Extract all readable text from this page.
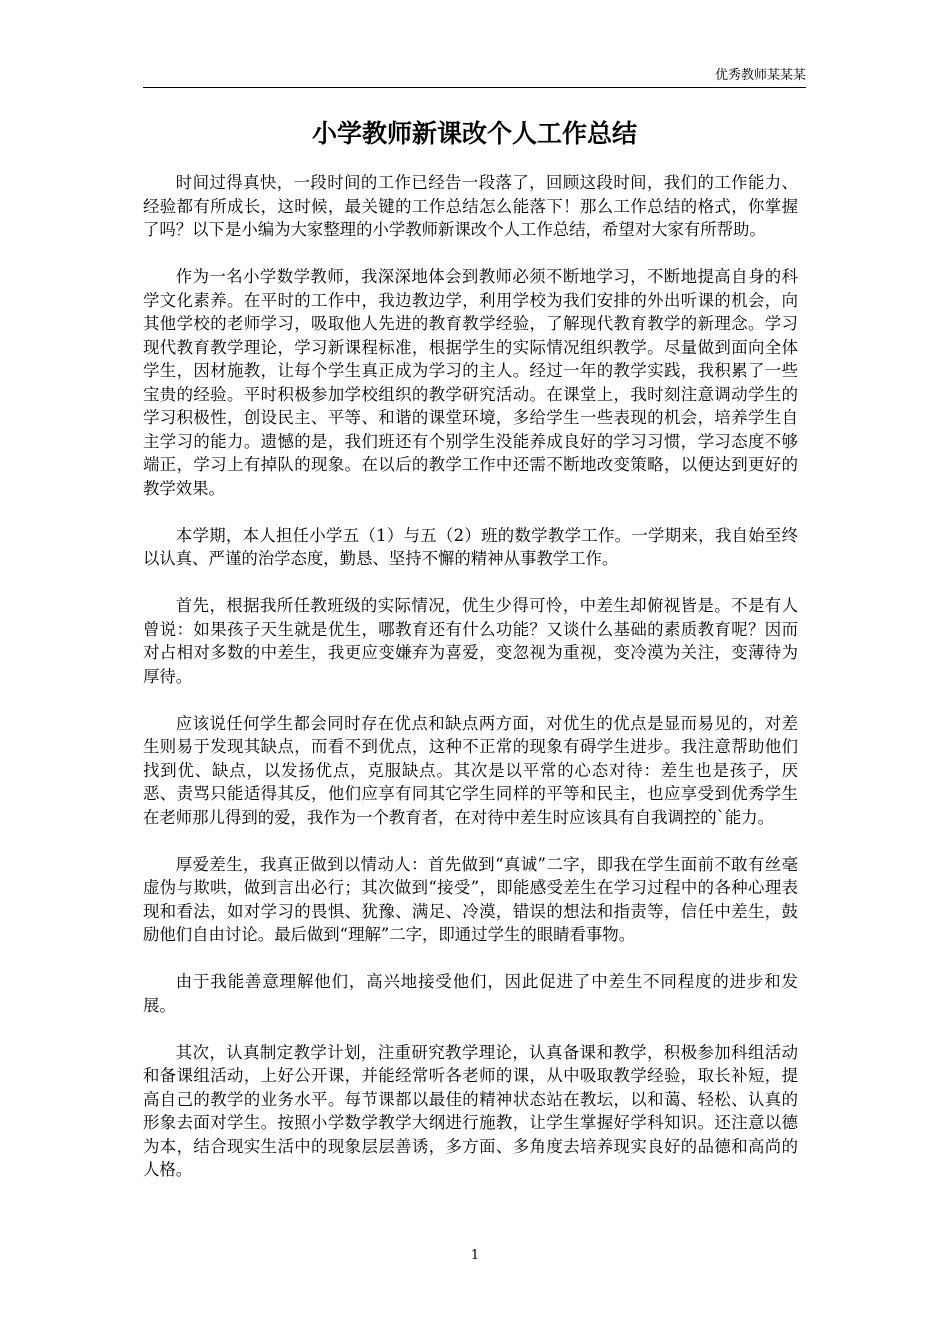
优秀教师某某某
小学教师新课改个人工作总结

时间过得真快，一段时间的工作已经告一段落了，回顾这段时间，我们的工作能力、经验都有所成长，这时候，最关键的工作总结怎么能落下！那么工作总结的格式，你掌握了吗？以下是小编为大家整理的小学教师新课改个人工作总结，希望对大家有所帮助。

作为一名小学数学教师，我深深地体会到教师必须不断地学习，不断地提高自身的科学文化素养。在平时的工作中，我边教边学，利用学校为我们安排的外出听课的机会，向其他学校的老师学习，吸取他人先进的教育教学经验，了解现代教育教学的新理念。学习现代教育教学理论，学习新课程标准，根据学生的实际情况组织教学。尽量做到面向全体学生，因材施教，让每个学生真正成为学习的主人。经过一年的教学实践，我积累了一些宝贵的经验。平时积极参加学校组织的教学研究活动。在课堂上，我时刻注意调动学生的学习积极性，创设民主、平等、和谐的课堂环境，多给学生一些表现的机会，培养学生自主学习的能力。遗憾的是，我们班还有个别学生没能养成良好的学习习惯，学习态度不够端正，学习上有掉队的现象。在以后的教学工作中还需不断地改变策略，以便达到更好的教学效果。

本学期，本人担任小学五（1）与五（2）班的数学教学工作。一学期来，我自始至终以认真、严谨的治学态度，勤恳、坚持不懈的精神从事教学工作。

首先，根据我所任教班级的实际情况，优生少得可怜，中差生却俯视皆是。不是有人曾说：如果孩子天生就是优生，哪教育还有什么功能？又谈什么基础的素质教育呢？因而对占相对多数的中差生，我更应变嫌弃为喜爱，变忽视为重视，变冷漠为关注，变薄待为厚待。

应该说任何学生都会同时存在优点和缺点两方面，对优生的优点是显而易见的，对差生则易于发现其缺点，而看不到优点，这种不正常的现象有碍学生进步。我注意帮助他们找到优、缺点，以发扬优点，克服缺点。其次是以平常的心态对待：差生也是孩子，厌恶、责骂只能适得其反，他们应享有同其它学生同样的平等和民主，也应享受到优秀学生在老师那儿得到的爱，我作为一个教育者，在对待中差生时应该具有自我调控的`能力。

厚爱差生，我真正做到以情动人：首先做到“真诚”二字，即我在学生面前不敢有丝毫虚伪与欺哄，做到言出必行；其次做到“接受”，即能感受差生在学习过程中的各种心理表现和看法，如对学习的畏惧、犹豫、满足、冷漠，错误的想法和指责等，信任中差生，鼓励他们自由讨论。最后做到“理解”二字，即通过学生的眼睛看事物。

由于我能善意理解他们，高兴地接受他们，因此促进了中差生不同程度的进步和发展。

其次，认真制定教学计划，注重研究教学理论，认真备课和教学，积极参加科组活动和备课组活动，上好公开课，并能经常听各老师的课，从中吸取教学经验，取长补短，提高自己的教学的业务水平。每节课都以最佳的精神状态站在教坛，以和蔼、轻松、认真的形象去面对学生。按照小学数学教学大纲进行施教，让学生掌握好学科知识。还注意以德为本，结合现实生活中的现象层层善诱，多方面、多角度去培养现实良好的品德和高尚的人格。

1
